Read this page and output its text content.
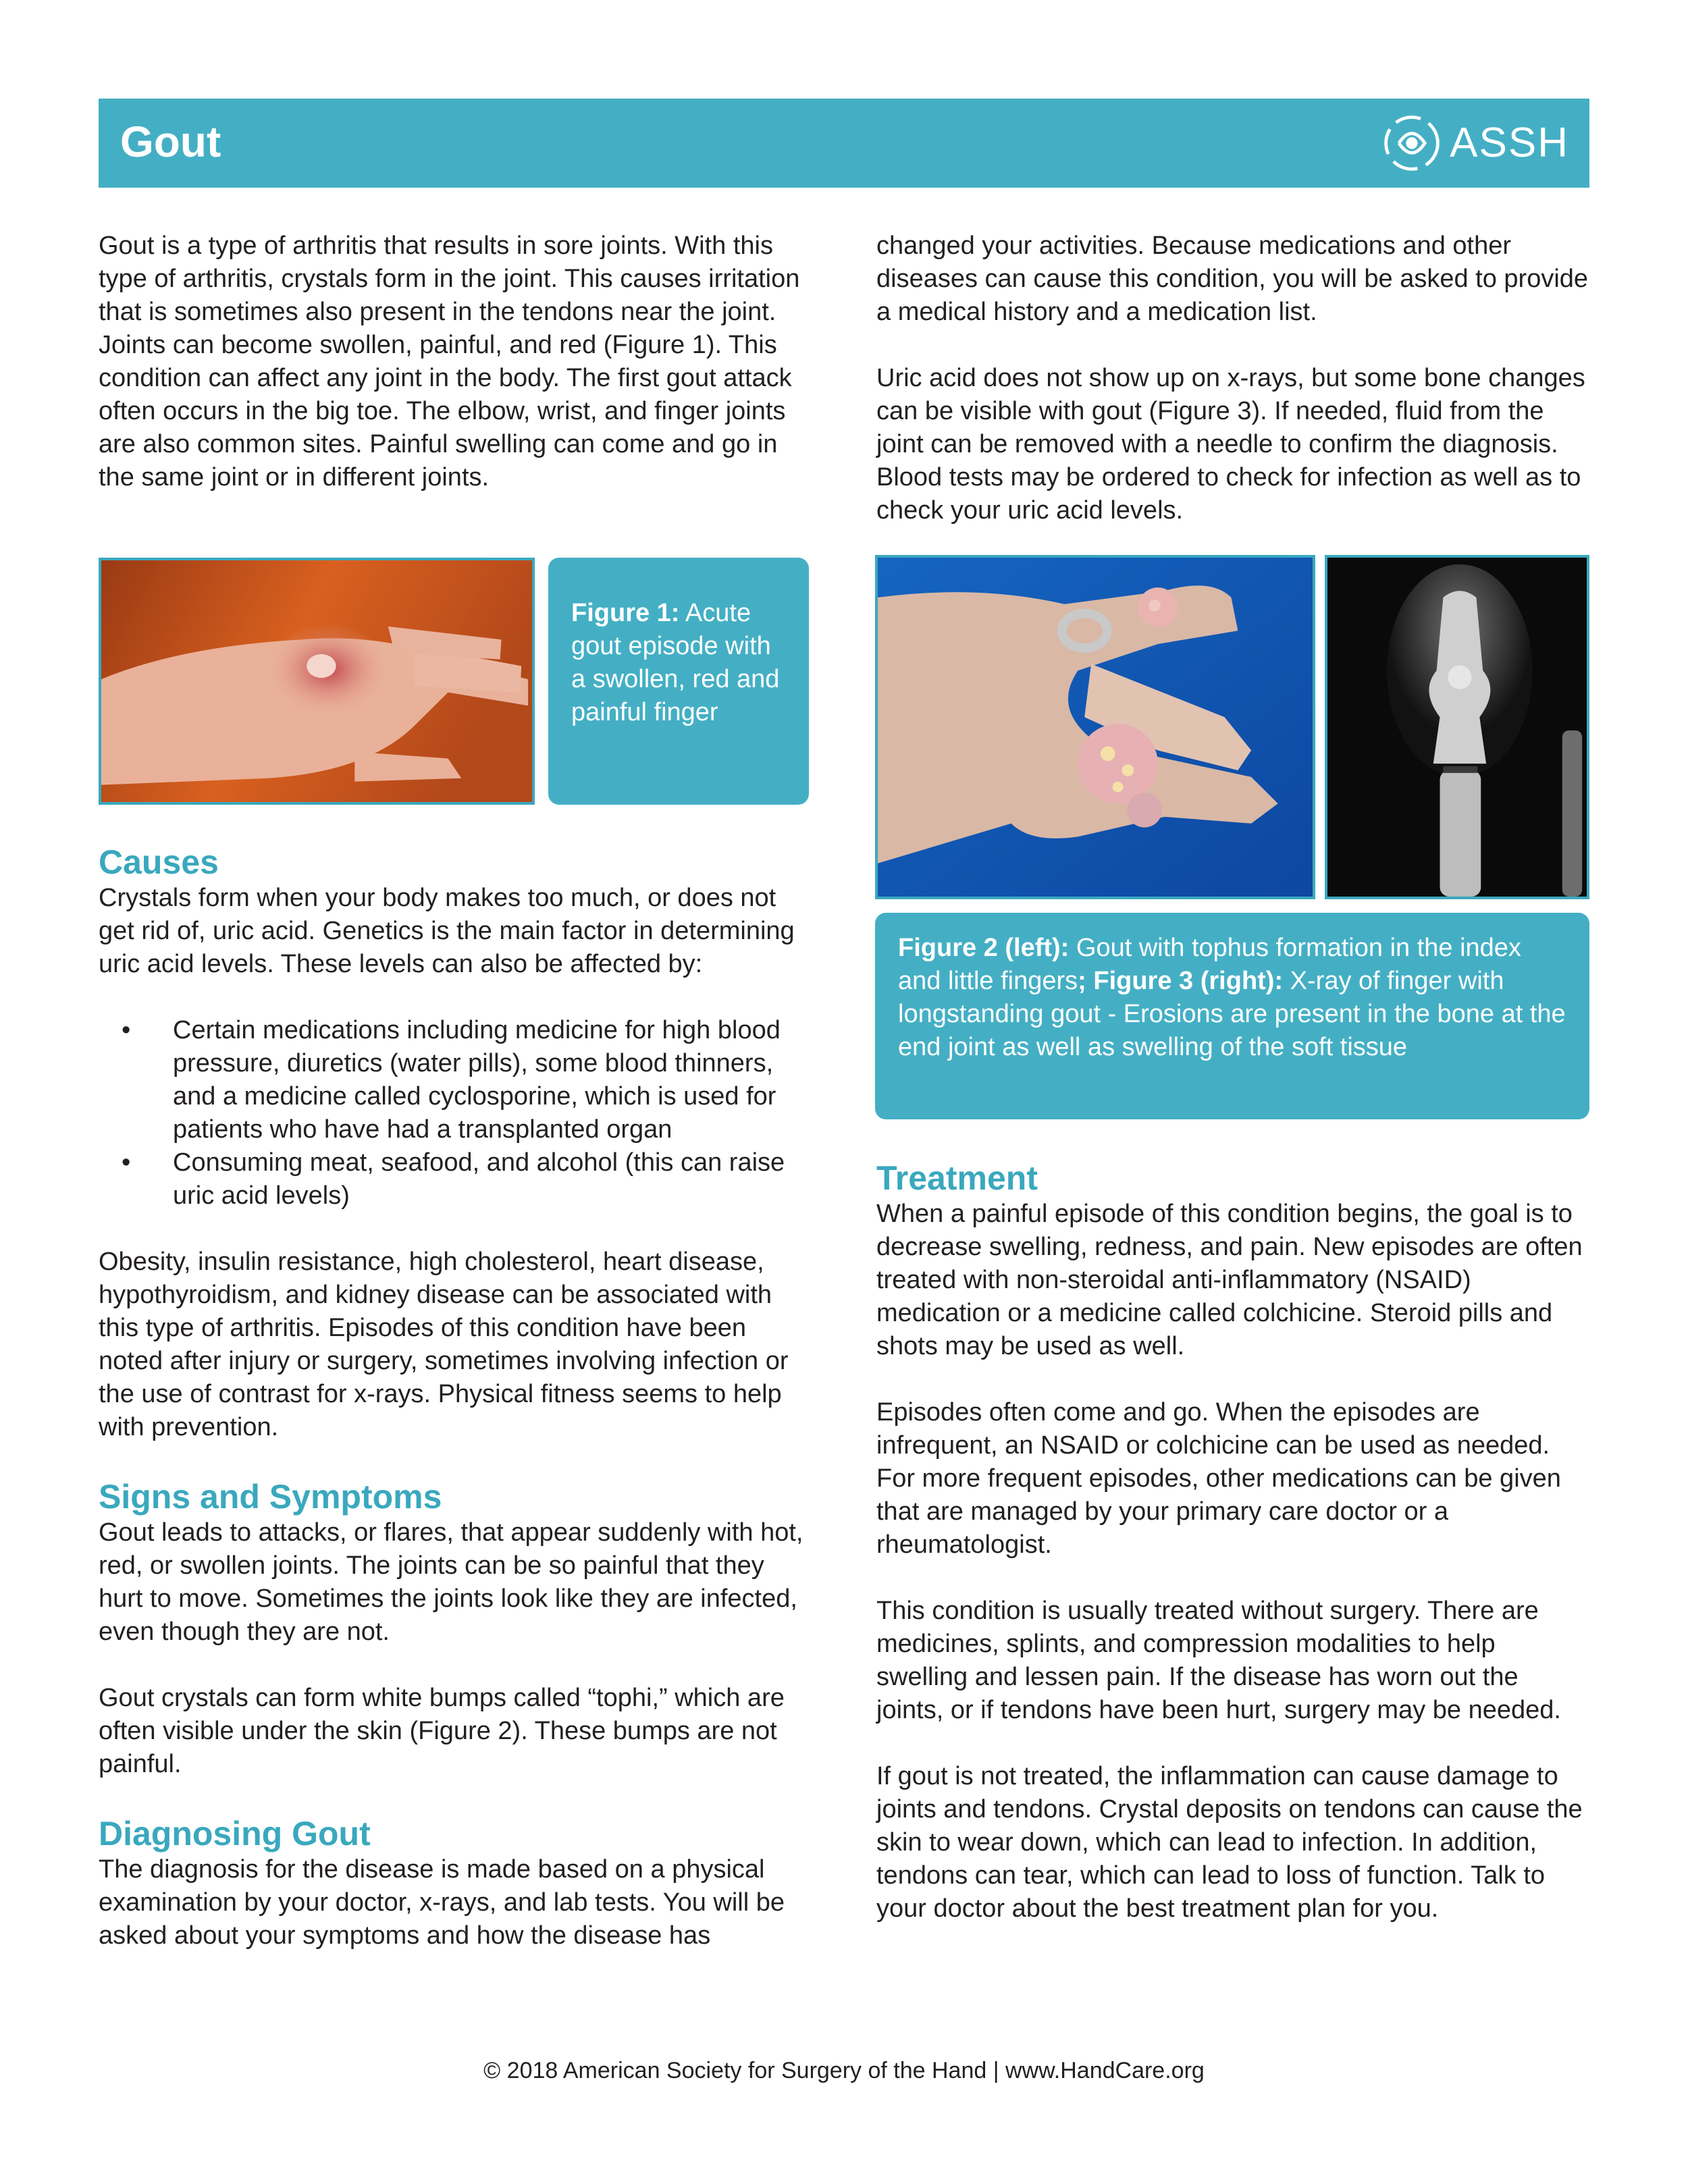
Gout	ASSH

Gout is a type of arthritis that results in sore joints. With this type of arthritis, crystals form in the joint. This causes irritation that is sometimes also present in the tendons near the joint. Joints can become swollen, painful, and red (Figure 1). This condition can affect any joint in the body. The first gout attack often occurs in the big toe. The elbow, wrist, and finger joints are also common sites. Painful swelling can come and go in the same joint or in different joints.

Figure 1: Acute gout episode with a swollen, red and painful finger
Causes

Crystals form when your body makes too much, or does not get rid of, uric acid. Genetics is the main factor in determining uric acid levels. These levels can also be affected by:

• Certain medications including medicine for high blood pressure, diuretics (water pills), some blood thinners, and a medicine called cyclosporine, which is used for patients who have had a transplanted organ
• Consuming meat, seafood, and alcohol (this can raise uric acid levels)

Obesity, insulin resistance, high cholesterol, heart disease, hypothyroidism, and kidney disease can be associated with this type of arthritis. Episodes of this condition have been noted after injury or surgery, sometimes involving infection or the use of contrast for x-rays. Physical fitness seems to help with prevention.

Signs and Symptoms

Gout leads to attacks, or flares, that appear suddenly with hot, red, or swollen joints. The joints can be so painful that they hurt to move. Sometimes the joints look like they are infected, even though they are not.

Gout crystals can form white bumps called “tophi,” which are often visible under the skin (Figure 2). These bumps are not painful.

Diagnosing Gout

The diagnosis for the disease is made based on a physical examination by your doctor, x-rays, and lab tests. You will be asked about your symptoms and how the disease has

changed your activities. Because medications and other diseases can cause this condition, you will be asked to provide a medical history and a medication list.

Uric acid does not show up on x-rays, but some bone changes can be visible with gout (Figure 3). If needed, fluid from the joint can be removed with a needle to confirm the diagnosis. Blood tests may be ordered to check for infection as well as to check your uric acid levels.

Figure 2 (left): Gout with tophus formation in the index and little fingers; Figure 3 (right): X-ray of finger with longstanding gout - Erosions are present in the bone at the end joint as well as swelling of the soft tissue
Treatment

When a painful episode of this condition begins, the goal is to decrease swelling, redness, and pain. New episodes are often treated with non-steroidal anti-inflammatory (NSAID) medication or a medicine called colchicine. Steroid pills and shots may be used as well.

Episodes often come and go. When the episodes are infrequent, an NSAID or colchicine can be used as needed. For more frequent episodes, other medications can be given that are managed by your primary care doctor or a rheumatologist.

This condition is usually treated without surgery. There are medicines, splints, and compression modalities to help swelling and lessen pain. If the disease has worn out the joints, or if tendons have been hurt, surgery may be needed.

If gout is not treated, the inflammation can cause damage to joints and tendons. Crystal deposits on tendons can cause the skin to wear down, which can lead to infection. In addition, tendons can tear, which can lead to loss of function. Talk to your doctor about the best treatment plan for you.

© 2018 American Society for Surgery of the Hand | www.HandCare.org
